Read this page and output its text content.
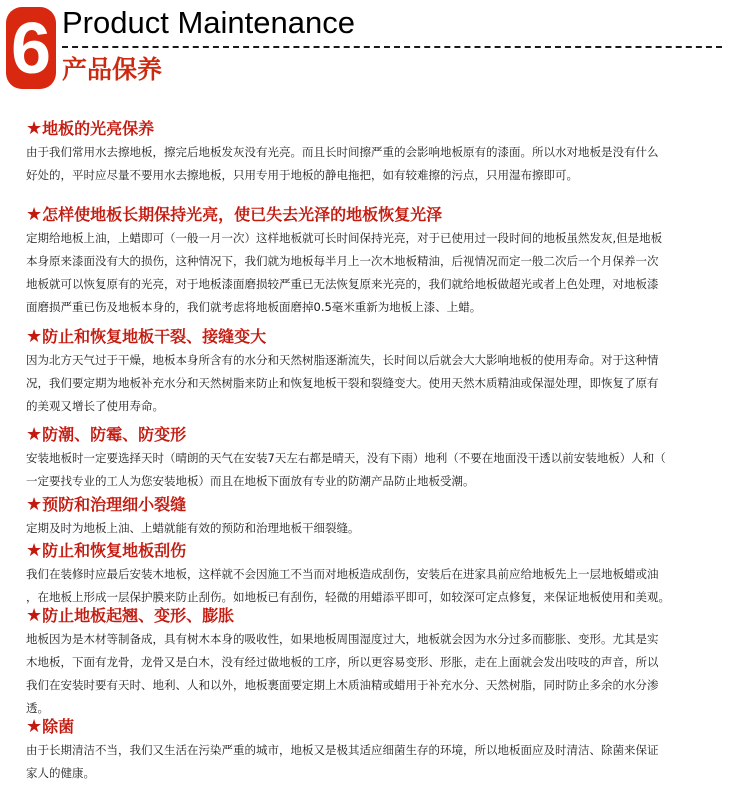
6 Product Maintenance
产品保养
★地板的光亮保养
由于我们常用水去擦地板，擦完后地板发灰没有光亮。而且长时间擦严重的会影响地板原有的漆面。所以水对地板是没有什么
好处的，平时应尽量不要用水去擦地板，只用专用于地板的静电拖把，如有较难擦的污点，只用湿布擦即可。
★怎样使地板长期保持光亮，使已失去光泽的地板恢复光泽
定期给地板上油，上蜡即可（一般一月一次）这样地板就可长时间保持光亮，对于已使用过一段时间的地板虽然发灰,但是地板
本身原来漆面没有大的损伤，这种情况下，我们就为地板每半月上一次木地板精油，后视情况而定一般二次后一个月保养一次
地板就可以恢复原有的光亮，对于地板漆面磨损较严重已无法恢复原来光亮的，我们就给地板做超光或者上色处理，对地板漆
面磨损严重已伤及地板本身的，我们就考虑将地板面磨掉0.5毫米重新为地板上漆、上蜡。
★防止和恢复地板干裂、接缝变大
因为北方天气过于干燥，地板本身所含有的水分和天然树脂逐渐流失，长时间以后就会大大影响地板的使用寿命。对于这种情
况，我们要定期为地板补充水分和天然树脂来防止和恢复地板干裂和裂缝变大。使用天然木质精油或保湿处理，即恢复了原有
的美观又增长了使用寿命。
★防潮、防霉、防变形
安装地板时一定要选择天时（晴朗的天气在安装7天左右都是晴天，没有下雨）地利（不要在地面没干透以前安装地板）人和（
一定要找专业的工人为您安装地板）而且在地板下面放有专业的防潮产品防止地板受潮。
★预防和治理细小裂缝
定期及时为地板上油、上蜡就能有效的预防和治理地板干细裂缝。
★防止和恢复地板刮伤
我们在装修时应最后安装木地板，这样就不会因施工不当而对地板造成刮伤，安装后在进家具前应给地板先上一层地板蜡或油
，在地板上形成一层保护膜来防止刮伤。如地板已有刮伤，轻微的用蜡添平即可，如较深可定点修复，来保证地板使用和美观。
★防止地板起翘、变形、膨胀
地板因为是木材等制备成，具有树木本身的吸收性，如果地板周围湿度过大，地板就会因为水分过多而膨胀、变形。尤其是实
木地板，下面有龙骨，龙骨又是白木，没有经过做地板的工序，所以更容易变形、形胀，走在上面就会发出吱吱的声音，所以
我们在安装时要有天时、地利、人和以外，地板裹面要定期上木质油精或蜡用于补充水分、天然树脂，同时防止多余的水分渗
透。
★除菌
由于长期清洁不当，我们又生活在污染严重的城市，地板又是极其适应细菌生存的环境，所以地板面应及时清洁、除菌来保证
家人的健康。
